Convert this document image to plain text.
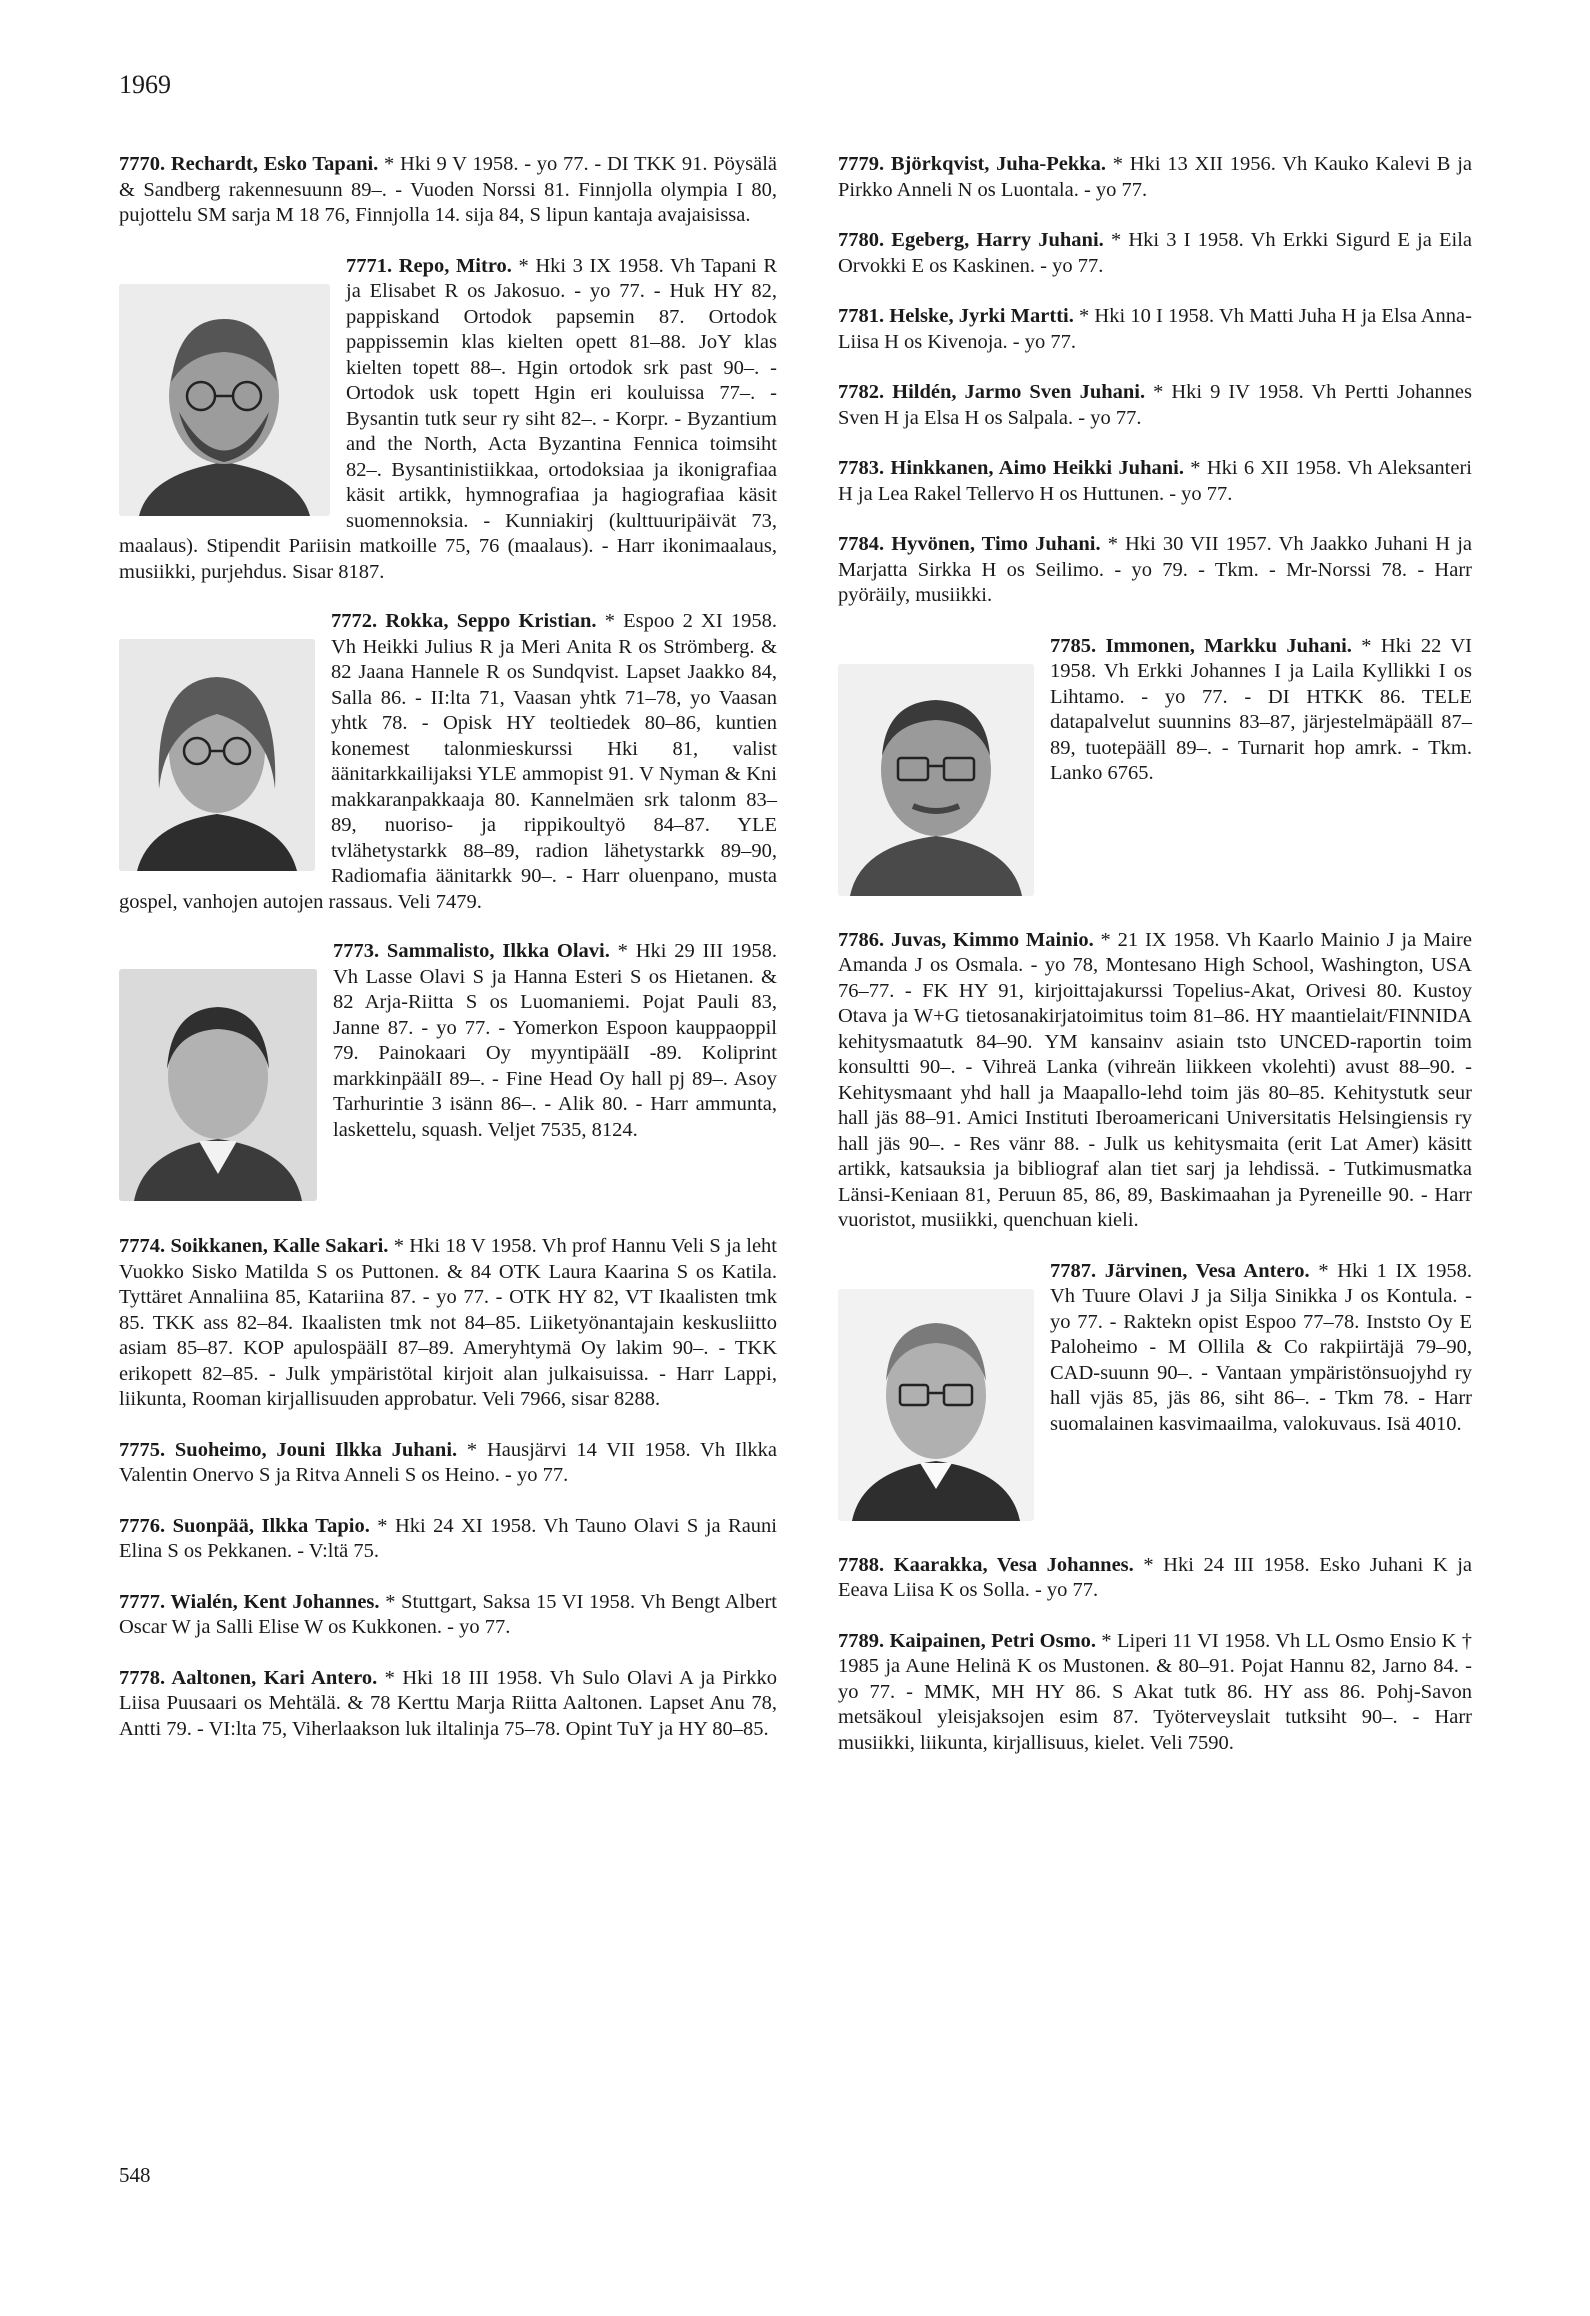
1969

7770. Rechardt, Esko Tapani. * Hki 9 V 1958. - yo 77. - DI TKK 91. Pöysälä & Sandberg rakennesuunn 89–. - Vuoden Norssi 81. Finnjolla olympia I 80, pujottelu SM sarja M 18 76, Finnjolla 14. sija 84, S lipun kantaja avajaisissa.

7771. Repo, Mitro. * Hki 3 IX 1958. Vh Tapani R ja Elisabet R os Jakosuo. - yo 77. - Huk HY 82, pappiskand Ortodok papsemin 87. Ortodok pappissemin klas kielten opett 81–88. JoY klas kielten topett 88–. Hgin ortodok srk past 90–. - Ortodok usk topett Hgin eri kouluissa 77–. - Bysantin tutk seur ry siht 82–. - Korpr. - Byzantium and the North, Acta Byzantina Fennica toimsiht 82–. Bysantinistiikkaa, ortodoksiaa ja ikonigrafiaa käsit artikk, hymnografiaa ja hagiografiaa käsit suomennoksia. - Kunniakirj (kulttuuripäivät 73, maalaus). Stipendit Pariisin matkoille 75, 76 (maalaus). - Harr ikonimaalaus, musiikki, purjehdus. Sisar 8187.
7772. Rokka, Seppo Kristian. * Espoo 2 XI 1958. Vh Heikki Julius R ja Meri Anita R os Strömberg. & 82 Jaana Hannele R os Sundqvist. Lapset Jaakko 84, Salla 86. - II:lta 71, Vaasan yhtk 71–78, yo Vaasan yhtk 78. - Opisk HY teoltiedek 80–86, kuntien konemest talonmieskurssi Hki 81, valist äänitarkkailijaksi YLE ammopist 91. V Nyman & Kni makkaranpakkaaja 80. Kannelmäen srk talonm 83–89, nuoriso- ja rippikoultyö 84–87. YLE tvlähetystarkk 88–89, radion lähetystarkk 89–90, Radiomafia äänitarkk 90–. - Harr oluenpano, musta gospel, vanhojen autojen rassaus. Veli 7479.
7773. Sammalisto, Ilkka Olavi. * Hki 29 III 1958. Vh Lasse Olavi S ja Hanna Esteri S os Hietanen. & 82 Arja-Riitta S os Luomaniemi. Pojat Pauli 83, Janne 87. - yo 77. - Yomerkon Espoon kauppaoppil 79. Painokaari Oy myyntipäälI -89. Koliprint markkinpäälI 89–. - Fine Head Oy hall pj 89–. Asoy Tarhurintie 3 isänn 86–. - Alik 80. - Harr ammunta, laskettelu, squash. Veljet 7535, 8124.

7774. Soikkanen, Kalle Sakari. * Hki 18 V 1958. Vh prof Hannu Veli S ja leht Vuokko Sisko Matilda S os Puttonen. & 84 OTK Laura Kaarina S os Katila. Tyttäret Annaliina 85, Katariina 87. - yo 77. - OTK HY 82, VT Ikaalisten tmk 85. TKK ass 82–84. Ikaalisten tmk not 84–85. Liiketyönantajain keskusliitto asiam 85–87. KOP apulospäälI 87–89. Ameryhtymä Oy lakim 90–. - TKK erikopett 82–85. - Julk ympäristötal kirjoit alan julkaisuissa. - Harr Lappi, liikunta, Rooman kirjallisuuden approbatur. Veli 7966, sisar 8288.

7775. Suoheimo, Jouni Ilkka Juhani. * Hausjärvi 14 VII 1958. Vh Ilkka Valentin Onervo S ja Ritva Anneli S os Heino. - yo 77.

7776. Suonpää, Ilkka Tapio. * Hki 24 XI 1958. Vh Tauno Olavi S ja Rauni Elina S os Pekkanen. - V:ltä 75.

7777. Wialén, Kent Johannes. * Stuttgart, Saksa 15 VI 1958. Vh Bengt Albert Oscar W ja Salli Elise W os Kukkonen. - yo 77.

7778. Aaltonen, Kari Antero. * Hki 18 III 1958. Vh Sulo Olavi A ja Pirkko Liisa Puusaari os Mehtälä. & 78 Kerttu Marja Riitta Aaltonen. Lapset Anu 78, Antti 79. - VI:lta 75, Viherlaakson luk iltalinja 75–78. Opint TuY ja HY 80–85.

7779. Björkqvist, Juha-Pekka. * Hki 13 XII 1956. Vh Kauko Kalevi B ja Pirkko Anneli N os Luontala. - yo 77.

7780. Egeberg, Harry Juhani. * Hki 3 I 1958. Vh Erkki Sigurd E ja Eila Orvokki E os Kaskinen. - yo 77.

7781. Helske, Jyrki Martti. * Hki 10 I 1958. Vh Matti Juha H ja Elsa Anna-Liisa H os Kivenoja. - yo 77.

7782. Hildén, Jarmo Sven Juhani. * Hki 9 IV 1958. Vh Pertti Johannes Sven H ja Elsa H os Salpala. - yo 77.

7783. Hinkkanen, Aimo Heikki Juhani. * Hki 6 XII 1958. Vh Aleksanteri H ja Lea Rakel Tellervo H os Huttunen. - yo 77.

7784. Hyvönen, Timo Juhani. * Hki 30 VII 1957. Vh Jaakko Juhani H ja Marjatta Sirkka H os Seilimo. - yo 79. - Tkm. - Mr-Norssi 78. - Harr pyöräily, musiikki.

7785. Immonen, Markku Juhani. * Hki 22 VI 1958. Vh Erkki Johannes I ja Laila Kyllikki I os Lihtamo. - yo 77. - DI HTKK 86. TELE datapalvelut suunnins 83–87, järjestelmäpääll 87–89, tuotepääll 89–. - Turnarit hop amrk. - Tkm. Lanko 6765.

7786. Juvas, Kimmo Mainio. * 21 IX 1958. Vh Kaarlo Mainio J ja Maire Amanda J os Osmala. - yo 78, Montesano High School, Washington, USA 76–77. - FK HY 91, kirjoittajakurssi Topelius-Akat, Orivesi 80. Kustoy Otava ja W+G tietosanakirjatoimitus toim 81–86. HY maantielait/FINNIDA kehitysmaatutk 84–90. YM kansainv asiain tsto UNCED-raportin toim konsultti 90–. - Vihreä Lanka (vihreän liikkeen vkolehti) avust 88–90. - Kehitysmaant yhd hall ja Maapallo-lehd toim jäs 80–85. Kehitystutk seur hall jäs 88–91. Amici Instituti Iberoamericani Universitatis Helsingiensis ry hall jäs 90–. - Res vänr 88. - Julk us kehitysmaita (erit Lat Amer) käsitt artikk, katsauksia ja bibliograf alan tiet sarj ja lehdissä. - Tutkimusmatka Länsi-Keniaan 81, Peruun 85, 86, 89, Baskimaahan ja Pyreneille 90. - Harr vuoristot, musiikki, quenchuan kieli.

7787. Järvinen, Vesa Antero. * Hki 1 IX 1958. Vh Tuure Olavi J ja Silja Sinikka J os Kontula. - yo 77. - Raktekn opist Espoo 77–78. Inststo Oy E Paloheimo - M Ollila & Co rakpiirtäjä 79–90, CAD-suunn 90–. - Vantaan ympäristönsuojyhd ry hall vjäs 85, jäs 86, siht 86–. - Tkm 78. - Harr suomalainen kasvimaailma, valokuvaus. Isä 4010.

7788. Kaarakka, Vesa Johannes. * Hki 24 III 1958. Esko Juhani K ja Eeava Liisa K os Solla. - yo 77.

7789. Kaipainen, Petri Osmo. * Liperi 11 VI 1958. Vh LL Osmo Ensio K † 1985 ja Aune Helinä K os Mustonen. & 80–91. Pojat Hannu 82, Jarno 84. - yo 77. - MMK, MH HY 86. S Akat tutk 86. HY ass 86. Pohj-Savon metsäkoul yleisjaksojen esim 87. Työterveyslait tutksiht 90–. - Harr musiikki, liikunta, kirjallisuus, kielet. Veli 7590.

548
